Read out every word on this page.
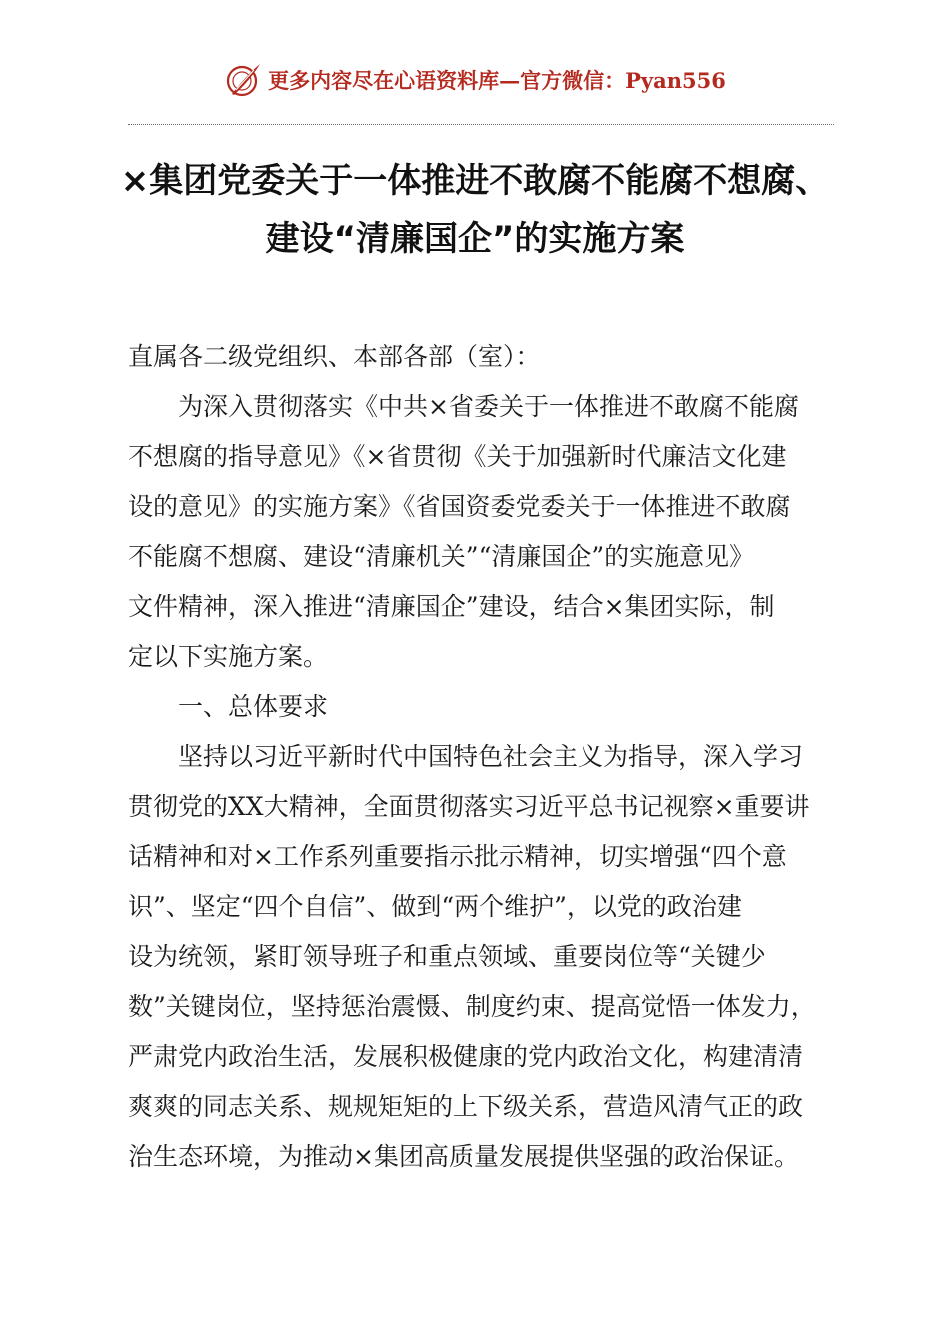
更多内容尽在心语资料库—官方微信：Pyan556
×集团党委关于一体推进不敢腐不能腐不想腐、
建设“清廉国企”的实施方案
直属各二级党组织、本部各部（室）：
为深入贯彻落实《中共×省委关于一体推进不敢腐不能腐
不想腐的指导意见》《×省贯彻《关于加强新时代廉洁文化建
设的意见》的实施方案》《省国资委党委关于一体推进不敢腐
不能腐不想腐、建设“清廉机关”“清廉国企”的实施意见》
文件精神，深入推进“清廉国企”建设，结合×集团实际，制
定以下实施方案。
一、总体要求
坚持以习近平新时代中国特色社会主义为指导，深入学习
贯彻党的XX大精神，全面贯彻落实习近平总书记视察×重要讲
话精神和对×工作系列重要指示批示精神，切实增强“四个意
识”、坚定“四个自信”、做到“两个维护”，以党的政治建
设为统领，紧盯领导班子和重点领域、重要岗位等“关键少
数”关键岗位，坚持惩治震慑、制度约束、提高觉悟一体发力，
严肃党内政治生活，发展积极健康的党内政治文化，构建清清
爽爽的同志关系、规规矩矩的上下级关系，营造风清气正的政
治生态环境，为推动×集团高质量发展提供坚强的政治保证。
